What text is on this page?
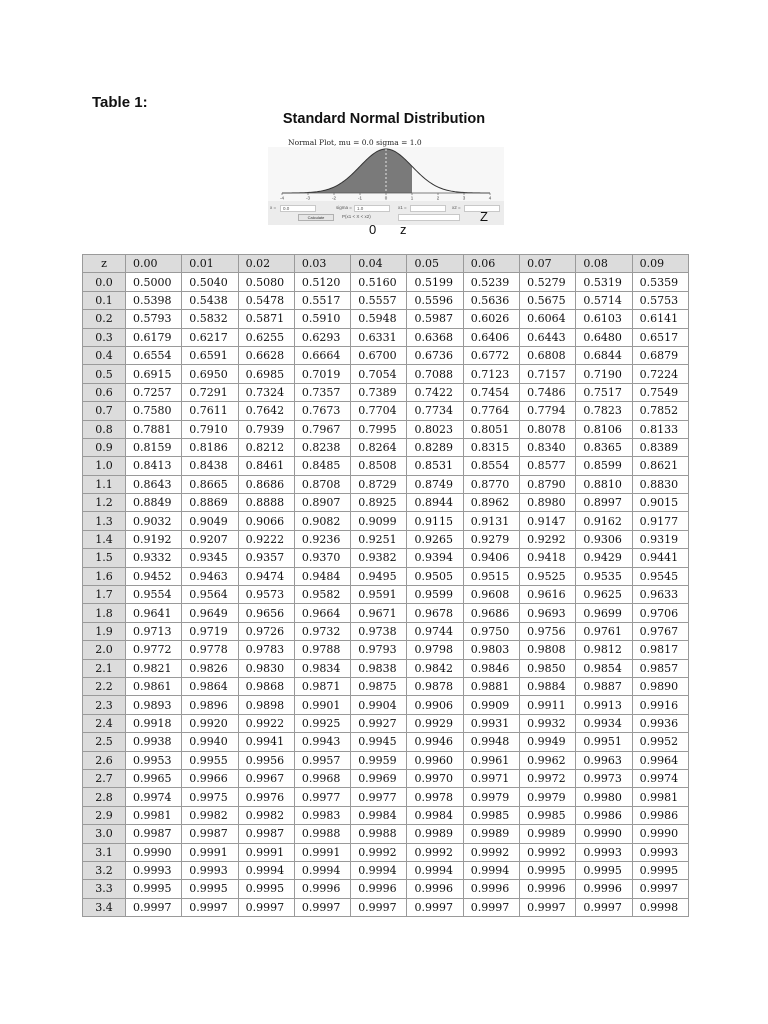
Table 1:
Standard Normal Distribution
Normal Plot, mu = 0.0 sigma = 1.0
-4	-3	-2	-1	0	1	2	3	4
x = 0.0	sigma = 1.0	x1 =	x2 =
Calculate	P(x1 < X < x2)	Z
0 z
z	0.00	0.01	0.02	0.03	0.04	0.05	0.06	0.07	0.08	0.09
0.0	0.5000	0.5040	0.5080	0.5120	0.5160	0.5199	0.5239	0.5279	0.5319	0.5359
0.1	0.5398	0.5438	0.5478	0.5517	0.5557	0.5596	0.5636	0.5675	0.5714	0.5753
0.2	0.5793	0.5832	0.5871	0.5910	0.5948	0.5987	0.6026	0.6064	0.6103	0.6141
0.3	0.6179	0.6217	0.6255	0.6293	0.6331	0.6368	0.6406	0.6443	0.6480	0.6517
0.4	0.6554	0.6591	0.6628	0.6664	0.6700	0.6736	0.6772	0.6808	0.6844	0.6879
0.5	0.6915	0.6950	0.6985	0.7019	0.7054	0.7088	0.7123	0.7157	0.7190	0.7224
0.6	0.7257	0.7291	0.7324	0.7357	0.7389	0.7422	0.7454	0.7486	0.7517	0.7549
0.7	0.7580	0.7611	0.7642	0.7673	0.7704	0.7734	0.7764	0.7794	0.7823	0.7852
0.8	0.7881	0.7910	0.7939	0.7967	0.7995	0.8023	0.8051	0.8078	0.8106	0.8133
0.9	0.8159	0.8186	0.8212	0.8238	0.8264	0.8289	0.8315	0.8340	0.8365	0.8389
1.0	0.8413	0.8438	0.8461	0.8485	0.8508	0.8531	0.8554	0.8577	0.8599	0.8621
1.1	0.8643	0.8665	0.8686	0.8708	0.8729	0.8749	0.8770	0.8790	0.8810	0.8830
1.2	0.8849	0.8869	0.8888	0.8907	0.8925	0.8944	0.8962	0.8980	0.8997	0.9015
1.3	0.9032	0.9049	0.9066	0.9082	0.9099	0.9115	0.9131	0.9147	0.9162	0.9177
1.4	0.9192	0.9207	0.9222	0.9236	0.9251	0.9265	0.9279	0.9292	0.9306	0.9319
1.5	0.9332	0.9345	0.9357	0.9370	0.9382	0.9394	0.9406	0.9418	0.9429	0.9441
1.6	0.9452	0.9463	0.9474	0.9484	0.9495	0.9505	0.9515	0.9525	0.9535	0.9545
1.7	0.9554	0.9564	0.9573	0.9582	0.9591	0.9599	0.9608	0.9616	0.9625	0.9633
1.8	0.9641	0.9649	0.9656	0.9664	0.9671	0.9678	0.9686	0.9693	0.9699	0.9706
1.9	0.9713	0.9719	0.9726	0.9732	0.9738	0.9744	0.9750	0.9756	0.9761	0.9767
2.0	0.9772	0.9778	0.9783	0.9788	0.9793	0.9798	0.9803	0.9808	0.9812	0.9817
2.1	0.9821	0.9826	0.9830	0.9834	0.9838	0.9842	0.9846	0.9850	0.9854	0.9857
2.2	0.9861	0.9864	0.9868	0.9871	0.9875	0.9878	0.9881	0.9884	0.9887	0.9890
2.3	0.9893	0.9896	0.9898	0.9901	0.9904	0.9906	0.9909	0.9911	0.9913	0.9916
2.4	0.9918	0.9920	0.9922	0.9925	0.9927	0.9929	0.9931	0.9932	0.9934	0.9936
2.5	0.9938	0.9940	0.9941	0.9943	0.9945	0.9946	0.9948	0.9949	0.9951	0.9952
2.6	0.9953	0.9955	0.9956	0.9957	0.9959	0.9960	0.9961	0.9962	0.9963	0.9964
2.7	0.9965	0.9966	0.9967	0.9968	0.9969	0.9970	0.9971	0.9972	0.9973	0.9974
2.8	0.9974	0.9975	0.9976	0.9977	0.9977	0.9978	0.9979	0.9979	0.9980	0.9981
2.9	0.9981	0.9982	0.9982	0.9983	0.9984	0.9984	0.9985	0.9985	0.9986	0.9986
3.0	0.9987	0.9987	0.9987	0.9988	0.9988	0.9989	0.9989	0.9989	0.9990	0.9990
3.1	0.9990	0.9991	0.9991	0.9991	0.9992	0.9992	0.9992	0.9992	0.9993	0.9993
3.2	0.9993	0.9993	0.9994	0.9994	0.9994	0.9994	0.9994	0.9995	0.9995	0.9995
3.3	0.9995	0.9995	0.9995	0.9996	0.9996	0.9996	0.9996	0.9996	0.9996	0.9997
3.4	0.9997	0.9997	0.9997	0.9997	0.9997	0.9997	0.9997	0.9997	0.9997	0.9998
